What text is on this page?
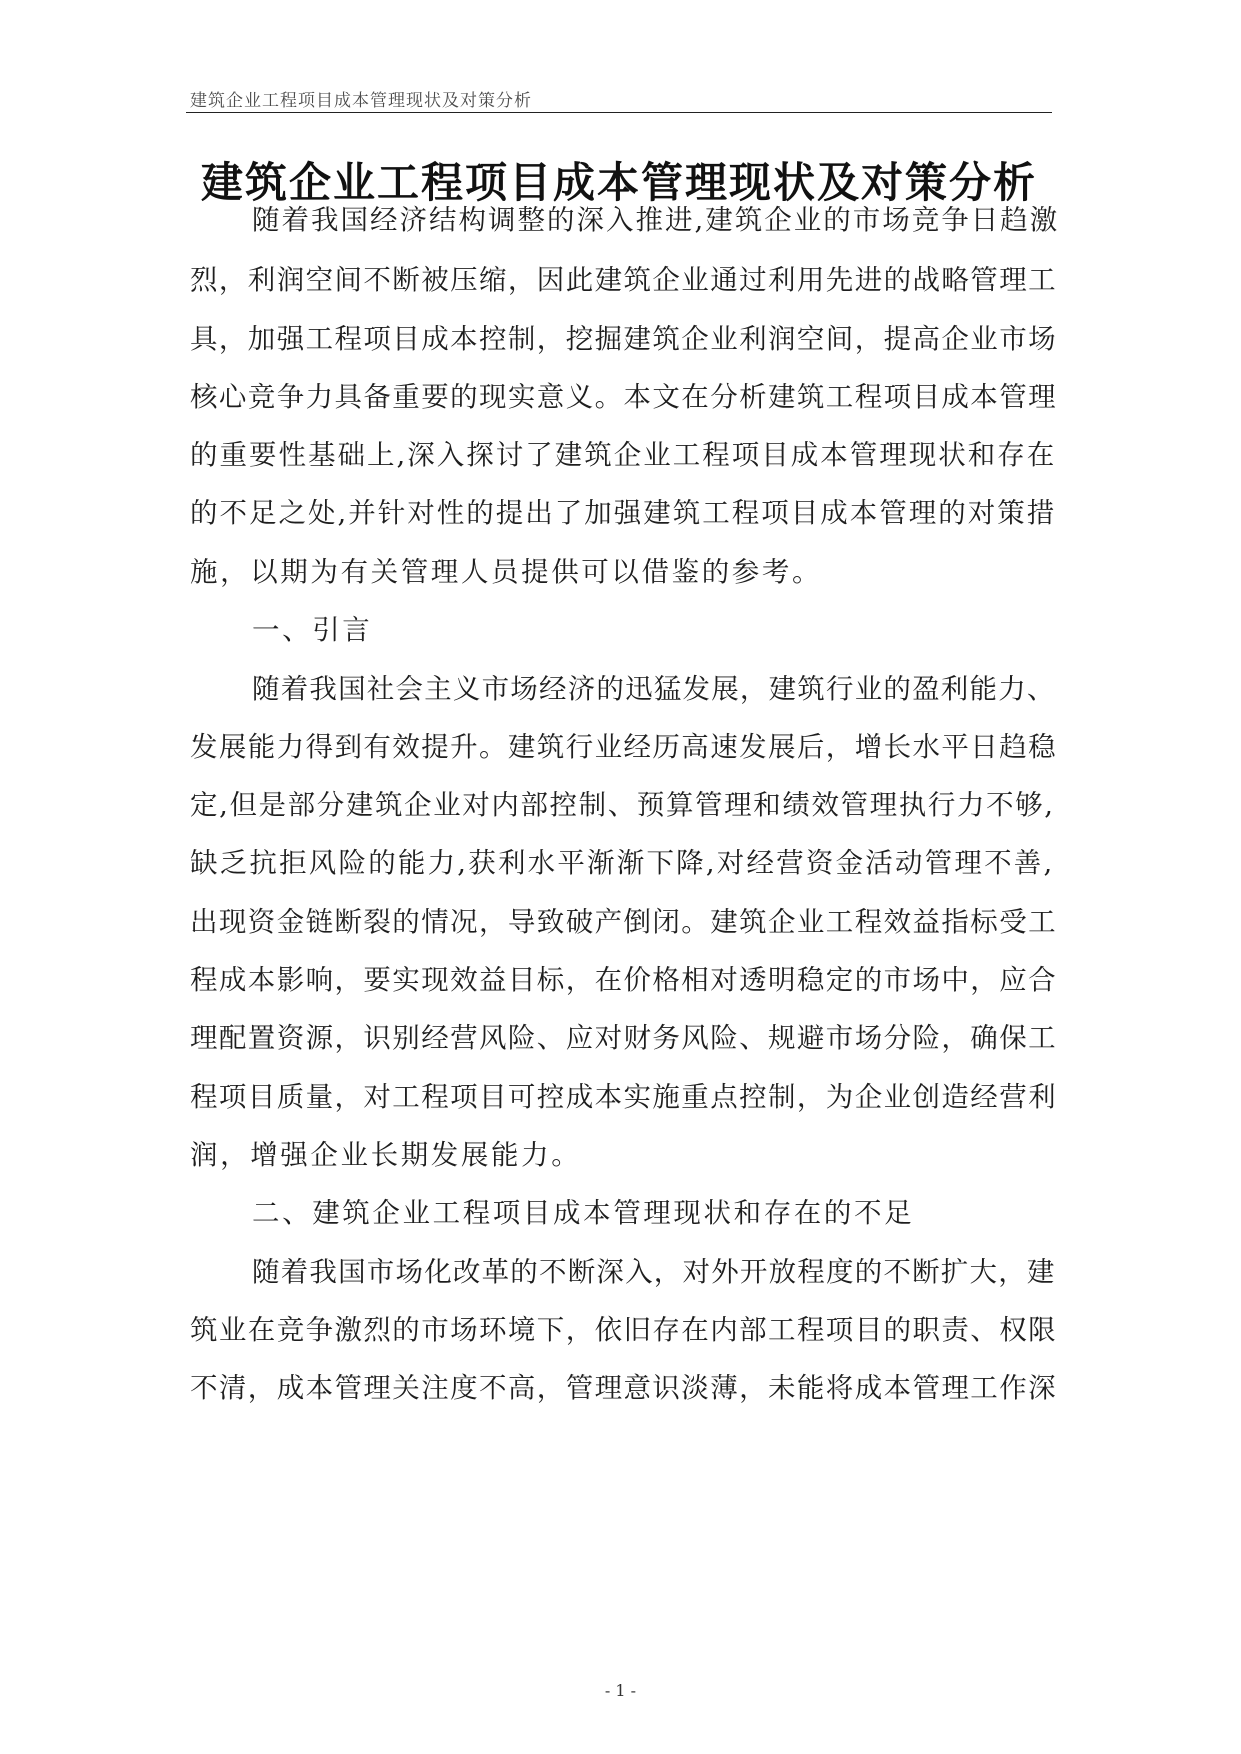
建筑企业工程项目成本管理现状及对策分析
建筑企业工程项目成本管理现状及对策分析
随着我国经济结构调整的深入推进,建筑企业的市场竞争日趋激
烈，利润空间不断被压缩，因此建筑企业通过利用先进的战略管理工
具，加强工程项目成本控制，挖掘建筑企业利润空间，提高企业市场
核心竞争力具备重要的现实意义。本文在分析建筑工程项目成本管理
的重要性基础上,深入探讨了建筑企业工程项目成本管理现状和存在
的不足之处,并针对性的提出了加强建筑工程项目成本管理的对策措
施，以期为有关管理人员提供可以借鉴的参考。
一、引言
随着我国社会主义市场经济的迅猛发展，建筑行业的盈利能力、
发展能力得到有效提升。建筑行业经历高速发展后，增长水平日趋稳
定,但是部分建筑企业对内部控制、预算管理和绩效管理执行力不够,
缺乏抗拒风险的能力,获利水平渐渐下降,对经营资金活动管理不善,
出现资金链断裂的情况，导致破产倒闭。建筑企业工程效益指标受工
程成本影响，要实现效益目标，在价格相对透明稳定的市场中，应合
理配置资源，识别经营风险、应对财务风险、规避市场分险，确保工
程项目质量，对工程项目可控成本实施重点控制，为企业创造经营利
润，增强企业长期发展能力。
二、建筑企业工程项目成本管理现状和存在的不足
随着我国市场化改革的不断深入，对外开放程度的不断扩大，建
筑业在竞争激烈的市场环境下，依旧存在内部工程项目的职责、权限
不清，成本管理关注度不高，管理意识淡薄，未能将成本管理工作深
- 1 -
